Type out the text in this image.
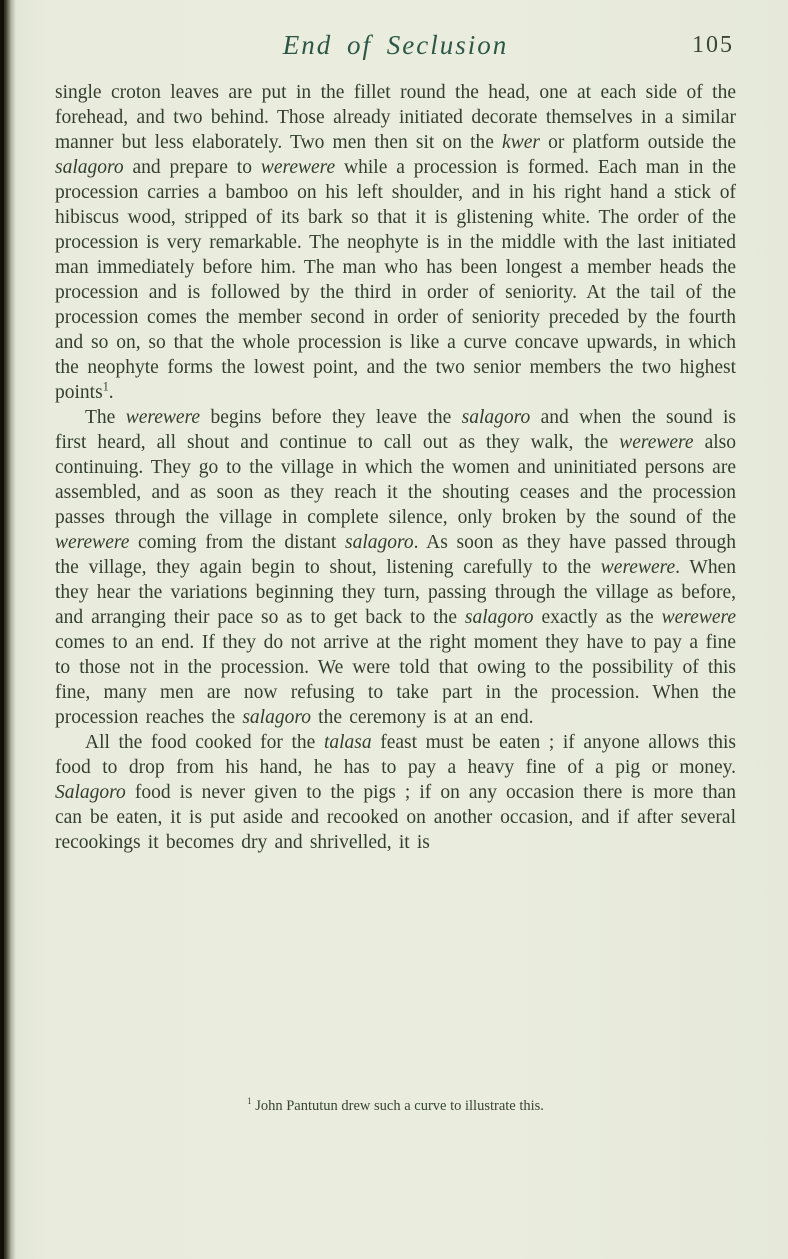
End of Seclusion	105

single croton leaves are put in the fillet round the head, one at each side of the forehead, and two behind. Those already initiated decorate themselves in a similar manner but less elaborately. Two men then sit on the kwer or platform outside the salagoro and prepare to werewere while a procession is formed. Each man in the procession carries a bamboo on his left shoulder, and in his right hand a stick of hibiscus wood, stripped of its bark so that it is glistening white. The order of the procession is very remarkable. The neophyte is in the middle with the last initiated man immediately before him. The man who has been longest a member heads the procession and is followed by the third in order of seniority. At the tail of the procession comes the member second in order of seniority preceded by the fourth and so on, so that the whole procession is like a curve concave upwards, in which the neophyte forms the lowest point, and the two senior members the two highest points$^1$.

The werewere begins before they leave the salagoro and when the sound is first heard, all shout and continue to call out as they walk, the werewere also continuing. They go to the village in which the women and uninitiated persons are assembled, and as soon as they reach it the shouting ceases and the procession passes through the village in complete silence, only broken by the sound of the werewere coming from the distant salagoro. As soon as they have passed through the village, they again begin to shout, listening carefully to the werewere. When they hear the variations beginning they turn, passing through the village as before, and arranging their pace so as to get back to the salagoro exactly as the werewere comes to an end. If they do not arrive at the right moment they have to pay a fine to those not in the procession. We were told that owing to the possibility of this fine, many men are now refusing to take part in the procession. When the procession reaches the salagoro the ceremony is at an end.

All the food cooked for the talasa feast must be eaten ; if anyone allows this food to drop from his hand, he has to pay a heavy fine of a pig or money. Salagoro food is never given to the pigs ; if on any occasion there is more than can be eaten, it is put aside and recooked on another occasion, and if after several recookings it becomes dry and shrivelled, it is

$^1$ John Pantutun drew such a curve to illustrate this.
